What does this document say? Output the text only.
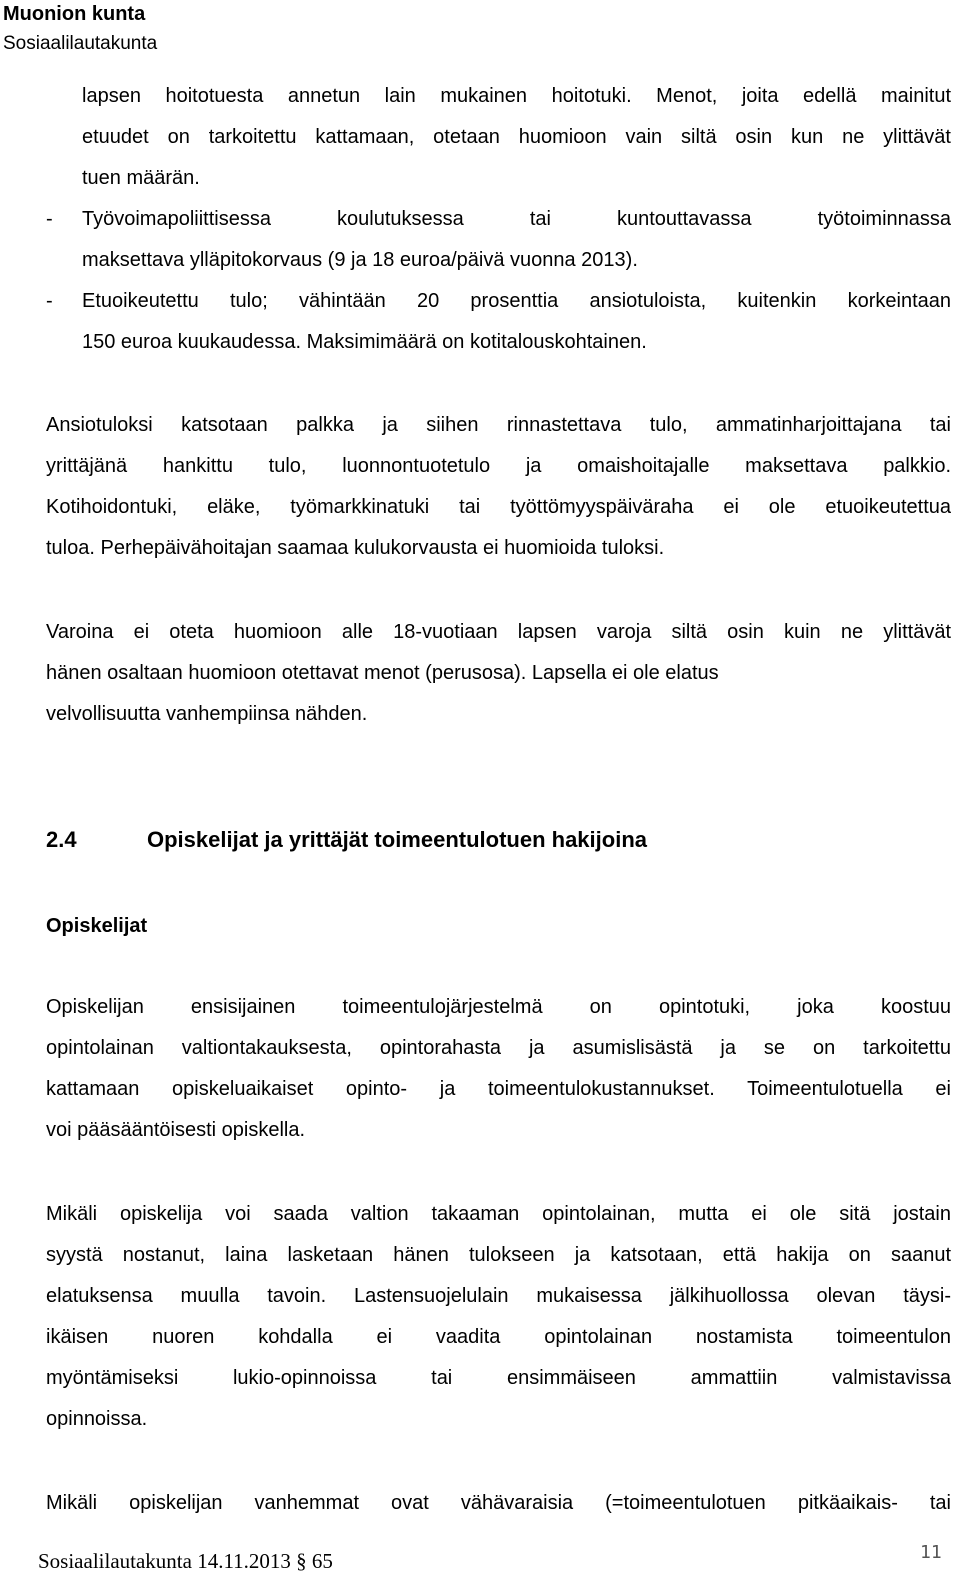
Muonion kunta
Sosiaalilautakunta
lapsen hoitotuesta annetun lain mukainen hoitotuki. Menot, joita edellä mainitut
etuudet on tarkoitettu kattamaan, otetaan huomioon vain siltä osin kun ne ylittävät
tuen määrän.
- Työvoimapoliittisessa koulutuksessa tai kuntouttavassa työtoiminnassa
maksettava ylläpitokorvaus (9 ja 18 euroa/päivä vuonna 2013).
- Etuoikeutettu tulo; vähintään 20 prosenttia ansiotuloista, kuitenkin korkeintaan
150 euroa kuukaudessa. Maksimimäärä on kotitalouskohtainen.
Ansiotuloksi katsotaan palkka ja siihen rinnastettava tulo, ammatinharjoittajana tai
yrittäjänä hankittu tulo, luonnontuotetulo ja omaishoitajalle maksettava palkkio.
Kotihoidontuki, eläke, työmarkkinatuki tai työttömyyspäiväraha ei ole etuoikeutettua
tuloa. Perhepäivähoitajan saamaa kulukorvausta ei huomioida tuloksi.
Varoina ei oteta huomioon alle 18-vuotiaan lapsen varoja siltä osin kuin ne ylittävät
hänen osaltaan huomioon otettavat menot (perusosa). Lapsella ei ole elatus
velvollisuutta vanhempiinsa nähden.
2.4	Opiskelijat ja yrittäjät toimeentulotuen hakijoina
Opiskelijat
Opiskelijan ensisijainen toimeentulojärjestelmä on opintotuki, joka koostuu
opintolainan valtiontakauksesta, opintorahasta ja asumislisästä ja se on tarkoitettu
kattamaan opiskeluaikaiset opinto- ja toimeentulokustannukset. Toimeentulotuella ei
voi pääsääntöisesti opiskella.
Mikäli opiskelija voi saada valtion takaaman opintolainan, mutta ei ole sitä jostain
syystä nostanut, laina lasketaan hänen tulokseen ja katsotaan, että hakija on saanut
elatuksensa muulla tavoin. Lastensuojelulain mukaisessa jälkihuollossa olevan täysi-
ikäisen nuoren kohdalla ei vaadita opintolainan nostamista toimeentulon
myöntämiseksi lukio-opinnoissa tai ensimmäiseen ammattiin valmistavissa
opinnoissa.
Mikäli opiskelijan vanhemmat ovat vähävaraisia (=toimeentulotuen pitkäaikais- tai
11
Sosiaalilautakunta 14.11.2013 § 65
